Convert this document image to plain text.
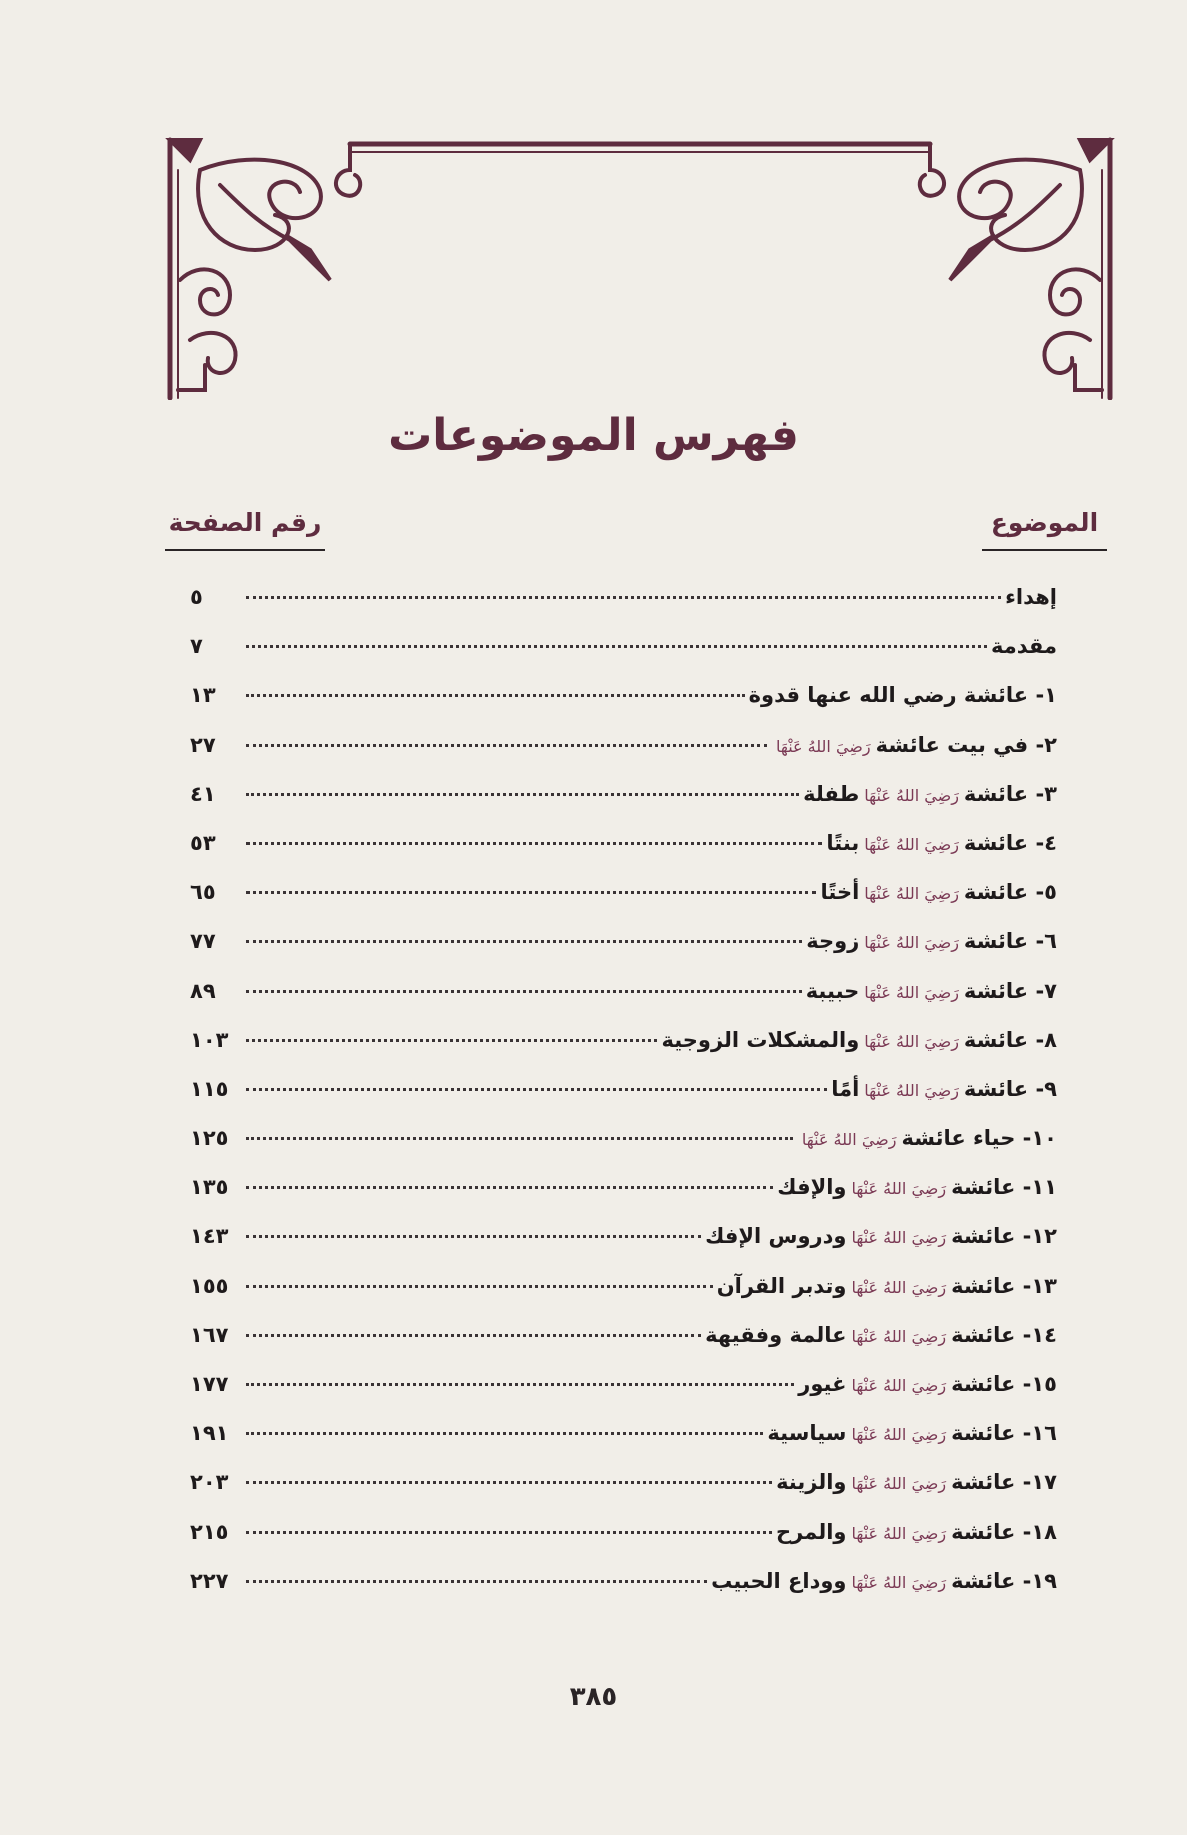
فهرس الموضوعات
الموضوع
رقم الصفحة
إهداء
٥
مقدمة
٧
١- عائشة رضي الله عنها قدوة
١٣
٢- في بيت عائشةرَضِيَ اللهُ عَنْهَا
٢٧
٣- عائشةرَضِيَ اللهُ عَنْهَاطفلة
٤١
٤- عائشةرَضِيَ اللهُ عَنْهَابنتًا
٥٣
٥- عائشةرَضِيَ اللهُ عَنْهَاأختًا
٦٥
٦- عائشةرَضِيَ اللهُ عَنْهَازوجة
٧٧
٧- عائشةرَضِيَ اللهُ عَنْهَاحبيبة
٨٩
٨- عائشةرَضِيَ اللهُ عَنْهَاوالمشكلات الزوجية
١٠٣
٩- عائشةرَضِيَ اللهُ عَنْهَاأمًا
١١٥
١٠- حياء عائشةرَضِيَ اللهُ عَنْهَا
١٢٥
١١- عائشةرَضِيَ اللهُ عَنْهَاوالإفك
١٣٥
١٢- عائشةرَضِيَ اللهُ عَنْهَاودروس الإفك
١٤٣
١٣- عائشةرَضِيَ اللهُ عَنْهَاوتدبر القرآن
١٥٥
١٤- عائشةرَضِيَ اللهُ عَنْهَاعالمة وفقيهة
١٦٧
١٥- عائشةرَضِيَ اللهُ عَنْهَاغيور
١٧٧
١٦- عائشةرَضِيَ اللهُ عَنْهَاسياسية
١٩١
١٧- عائشةرَضِيَ اللهُ عَنْهَاوالزينة
٢٠٣
١٨- عائشةرَضِيَ اللهُ عَنْهَاوالمرح
٢١٥
١٩- عائشةرَضِيَ اللهُ عَنْهَاووداع الحبيب
٢٢٧
٣٨٥
